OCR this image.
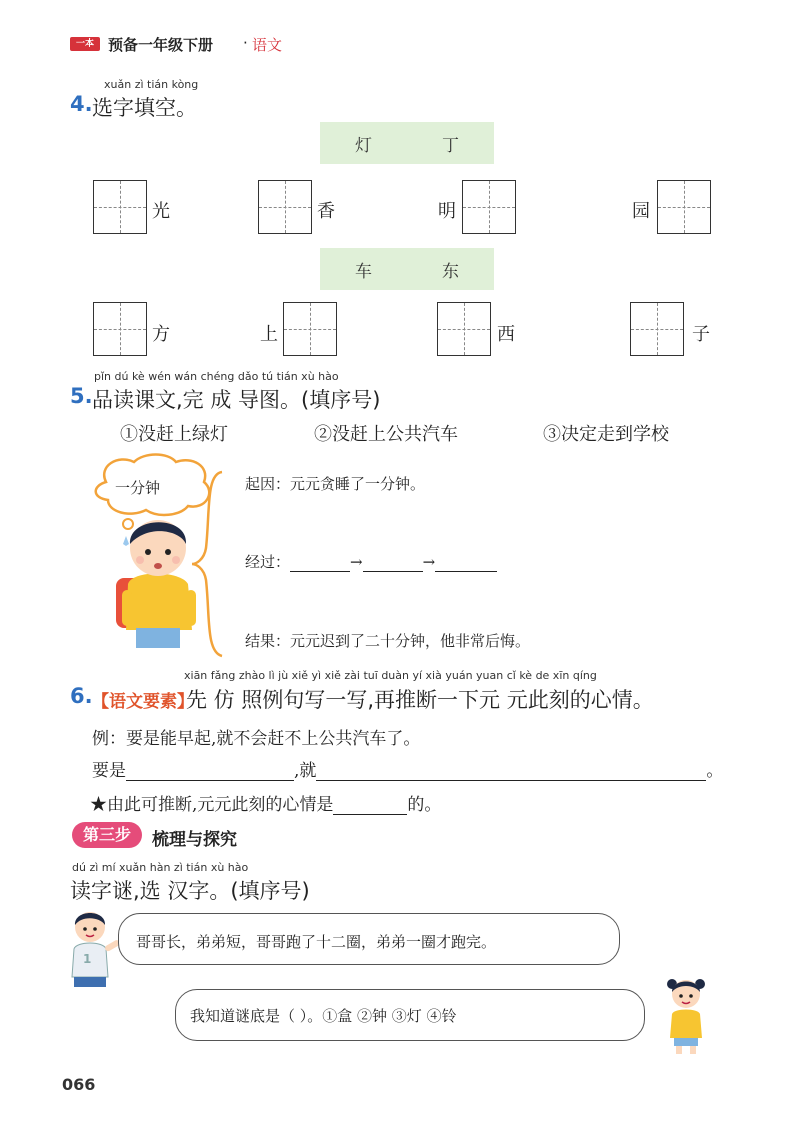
一本 预备一年级下册 · 语文
xuǎn zì tián kòng
4. 选字填空。
灯	丁
光	香	明	园
车	东
方	上	西	子
pǐn dú kè wén wán chéng dǎo tú tián xù hào
5. 品读课文,完 成 导图。(填序号)
①没赶上绿灯	②没赶上公共汽车	③决定走到学校
一分钟	起因：元元贪睡了一分钟。
经过：	→	→
结果：元元迟到了二十分钟，他非常后悔。
xiān fǎng zhào lì jù xiě yì xiě zài tuī duàn yí xià yuán yuan cǐ kè de xīn qíng
6. 【语文要素】
先 仿 照例句写一写,再推断一下元 元此刻的心情。
例：要是能早起,就不会赶不上公共汽车了。
要是	,就	。
★由此可推断,元元此刻的心情是	的。
第三步	梳理与探究
dú zì mí xuǎn hàn zì tián xù hào
读字谜,选 汉字。(填序号)
1
哥哥长，弟弟短，哥哥跑了十二圈，弟弟一圈才跑完。
我知道谜底是（ ）。①盒 ②钟 ③灯 ④铃
066
